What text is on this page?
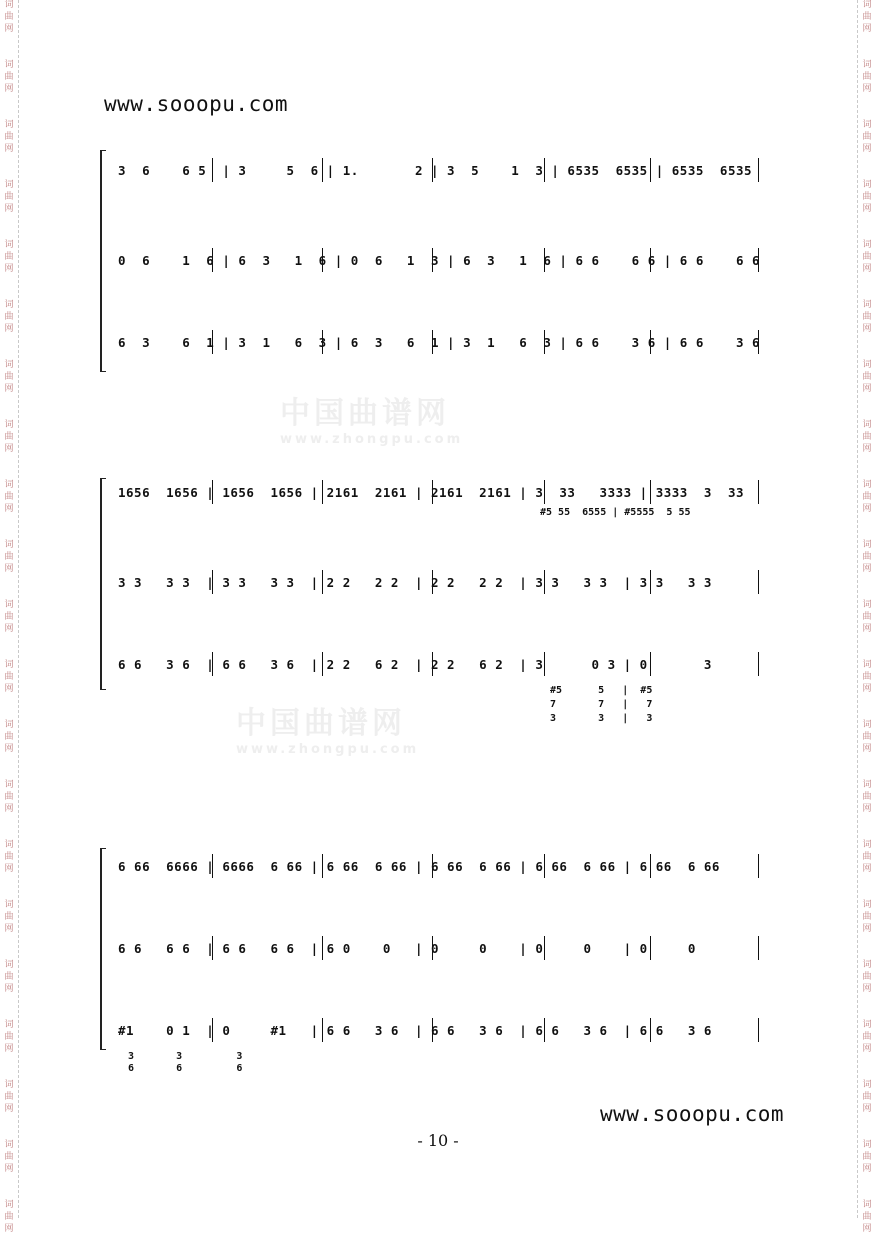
词
曲
网
词
曲
网
词
曲
网
词
曲
网
词
曲
网
词
曲
网
词
曲
网
词
曲
网
词
曲
网
词
曲
网
词
曲
网
词
曲
网
词
曲
网
词
曲
网
词
曲
网
词
曲
网
词
曲
网
词
曲
网
词
曲
网
词
曲
网
词
曲
网
词
曲
网
词
曲
网
词
曲
网
词
曲
网
词
曲
网
词
曲
网
词
曲
网
词
曲
网
词
曲
网
词
曲
网
词
曲
网
词
曲
网
词
曲
网
词
曲
网
词
曲
网
词
曲
网
词
曲
网
词
曲
网
词
曲
网
词
曲
网
词
曲
网
中国曲谱网
www.zhongpu.com
中国曲谱网
www.zhongpu.com
www.sooopu.com

3  6    6 5  | 3     5  6 | 1.       2 | 3  5    1  3 | 6535  6535 | 6535  6535

0  6    1  6 | 6  3   1  6 | 0  6   1  3 | 6  3   1  6 | 6 6    6 6 | 6 6    6 6

6  3    6  1 | 3  1   6  3 | 6  3   6  1 | 3  1   6  3 | 6 6    3 6 | 6 6    3 6

1656  1656 | 1656  1656 | 2161  2161 | 2161  2161 | 3  33   3333 | 3333  3  33
#5 55  6555 | #5555  5 55

3 3   3 3  | 3 3   3 3  | 2 2   2 2  | 2 2   2 2  | 3 3   3 3  | 3 3   3 3

6 6   3 6  | 6 6   3 6  | 2 2   6 2  | 2 2   6 2  | 3      0 3 | 0       3
#5      5   |  #5
7       7   |   7
3       3   |   3

6 66  6666 | 6666  6 66 | 6 66  6 66 | 6 66  6 66 | 6 66  6 66 | 6 66  6 66

6 6   6 6  | 6 6   6 6  | 6 0    0   | 0     0    | 0     0    | 0     0

#1    0 1  | 0     #1   | 6 6   3 6  | 6 6   3 6  | 6 6   3 6  | 6 6   3 6
3       3         3
6       6         6
www.sooopu.com
- 10 -
